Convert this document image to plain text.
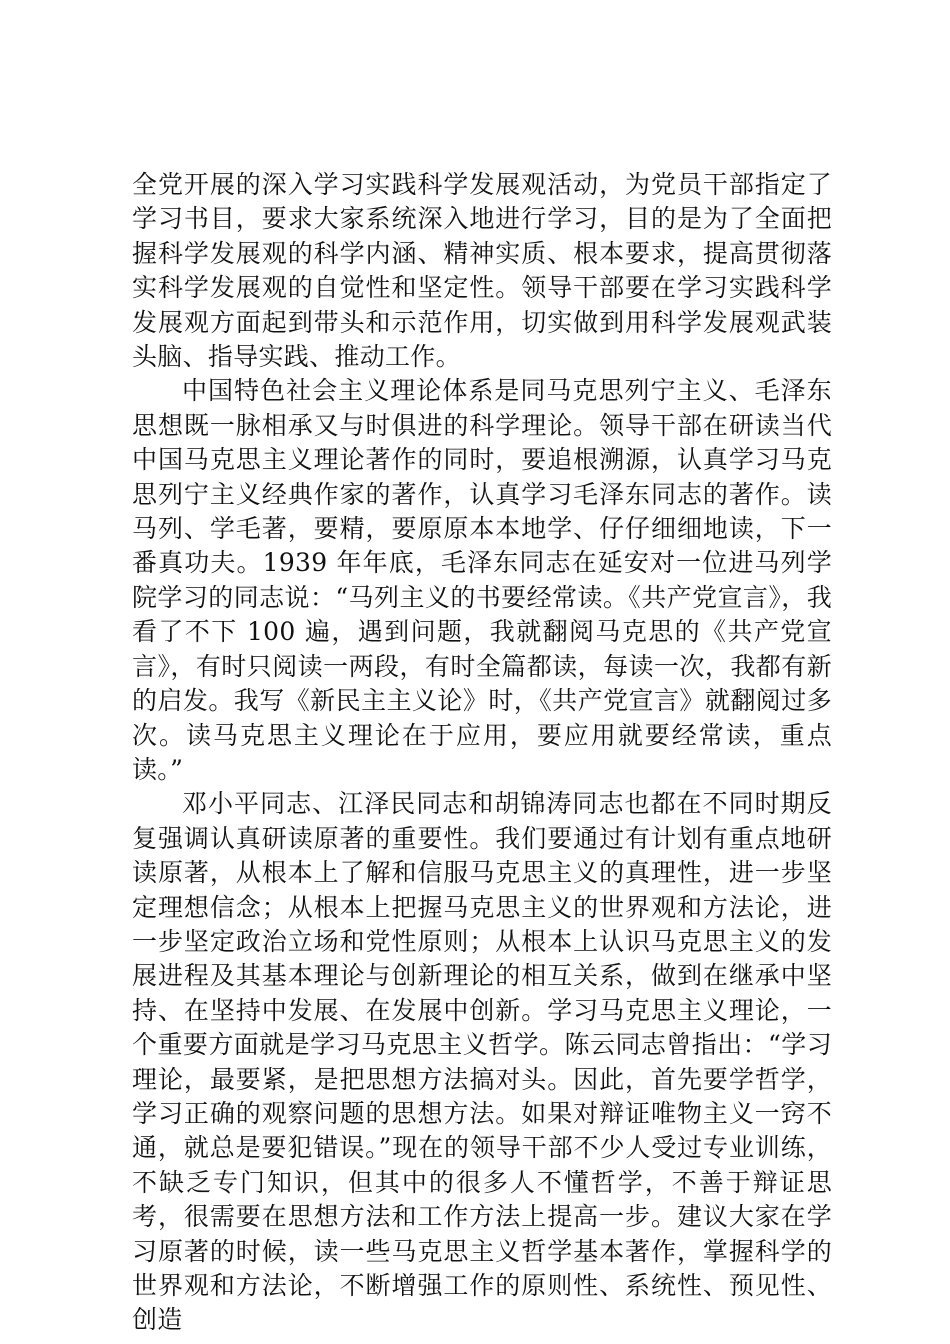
全党开展的深入学习实践科学发展观活动，为党员干部指定了学习书目，要求大家系统深入地进行学习，目的是为了全面把握科学发展观的科学内涵、精神实质、根本要求，提高贯彻落实科学发展观的自觉性和坚定性。领导干部要在学习实践科学发展观方面起到带头和示范作用，切实做到用科学发展观武装头脑、指导实践、推动工作。

中国特色社会主义理论体系是同马克思列宁主义、毛泽东思想既一脉相承又与时俱进的科学理论。领导干部在研读当代中国马克思主义理论著作的同时，要追根溯源，认真学习马克思列宁主义经典作家的著作，认真学习毛泽东同志的著作。读马列、学毛著，要精，要原原本本地学、仔仔细细地读，下一番真功夫。1939 年年底，毛泽东同志在延安对一位进马列学院学习的同志说：“马列主义的书要经常读。《共产党宣言》，我看了不下 100 遍，遇到问题，我就翻阅马克思的《共产党宣言》，有时只阅读一两段，有时全篇都读，每读一次，我都有新的启发。我写《新民主主义论》时，《共产党宣言》就翻阅过多次。读马克思主义理论在于应用，要应用就要经常读，重点读。”

邓小平同志、江泽民同志和胡锦涛同志也都在不同时期反复强调认真研读原著的重要性。我们要通过有计划有重点地研读原著，从根本上了解和信服马克思主义的真理性，进一步坚定理想信念；从根本上把握马克思主义的世界观和方法论，进一步坚定政治立场和党性原则；从根本上认识马克思主义的发展进程及其基本理论与创新理论的相互关系，做到在继承中坚持、在坚持中发展、在发展中创新。学习马克思主义理论，一个重要方面就是学习马克思主义哲学。陈云同志曾指出：“学习理论，最要紧，是把思想方法搞对头。因此，首先要学哲学，学习正确的观察问题的思想方法。如果对辩证唯物主义一窍不通，就总是要犯错误。”现在的领导干部不少人受过专业训练，不缺乏专门知识，但其中的很多人不懂哲学，不善于辩证思考，很需要在思想方法和工作方法上提高一步。建议大家在学习原著的时候，读一些马克思主义哲学基本著作，掌握科学的世界观和方法论，不断增强工作的原则性、系统性、预见性、创造
